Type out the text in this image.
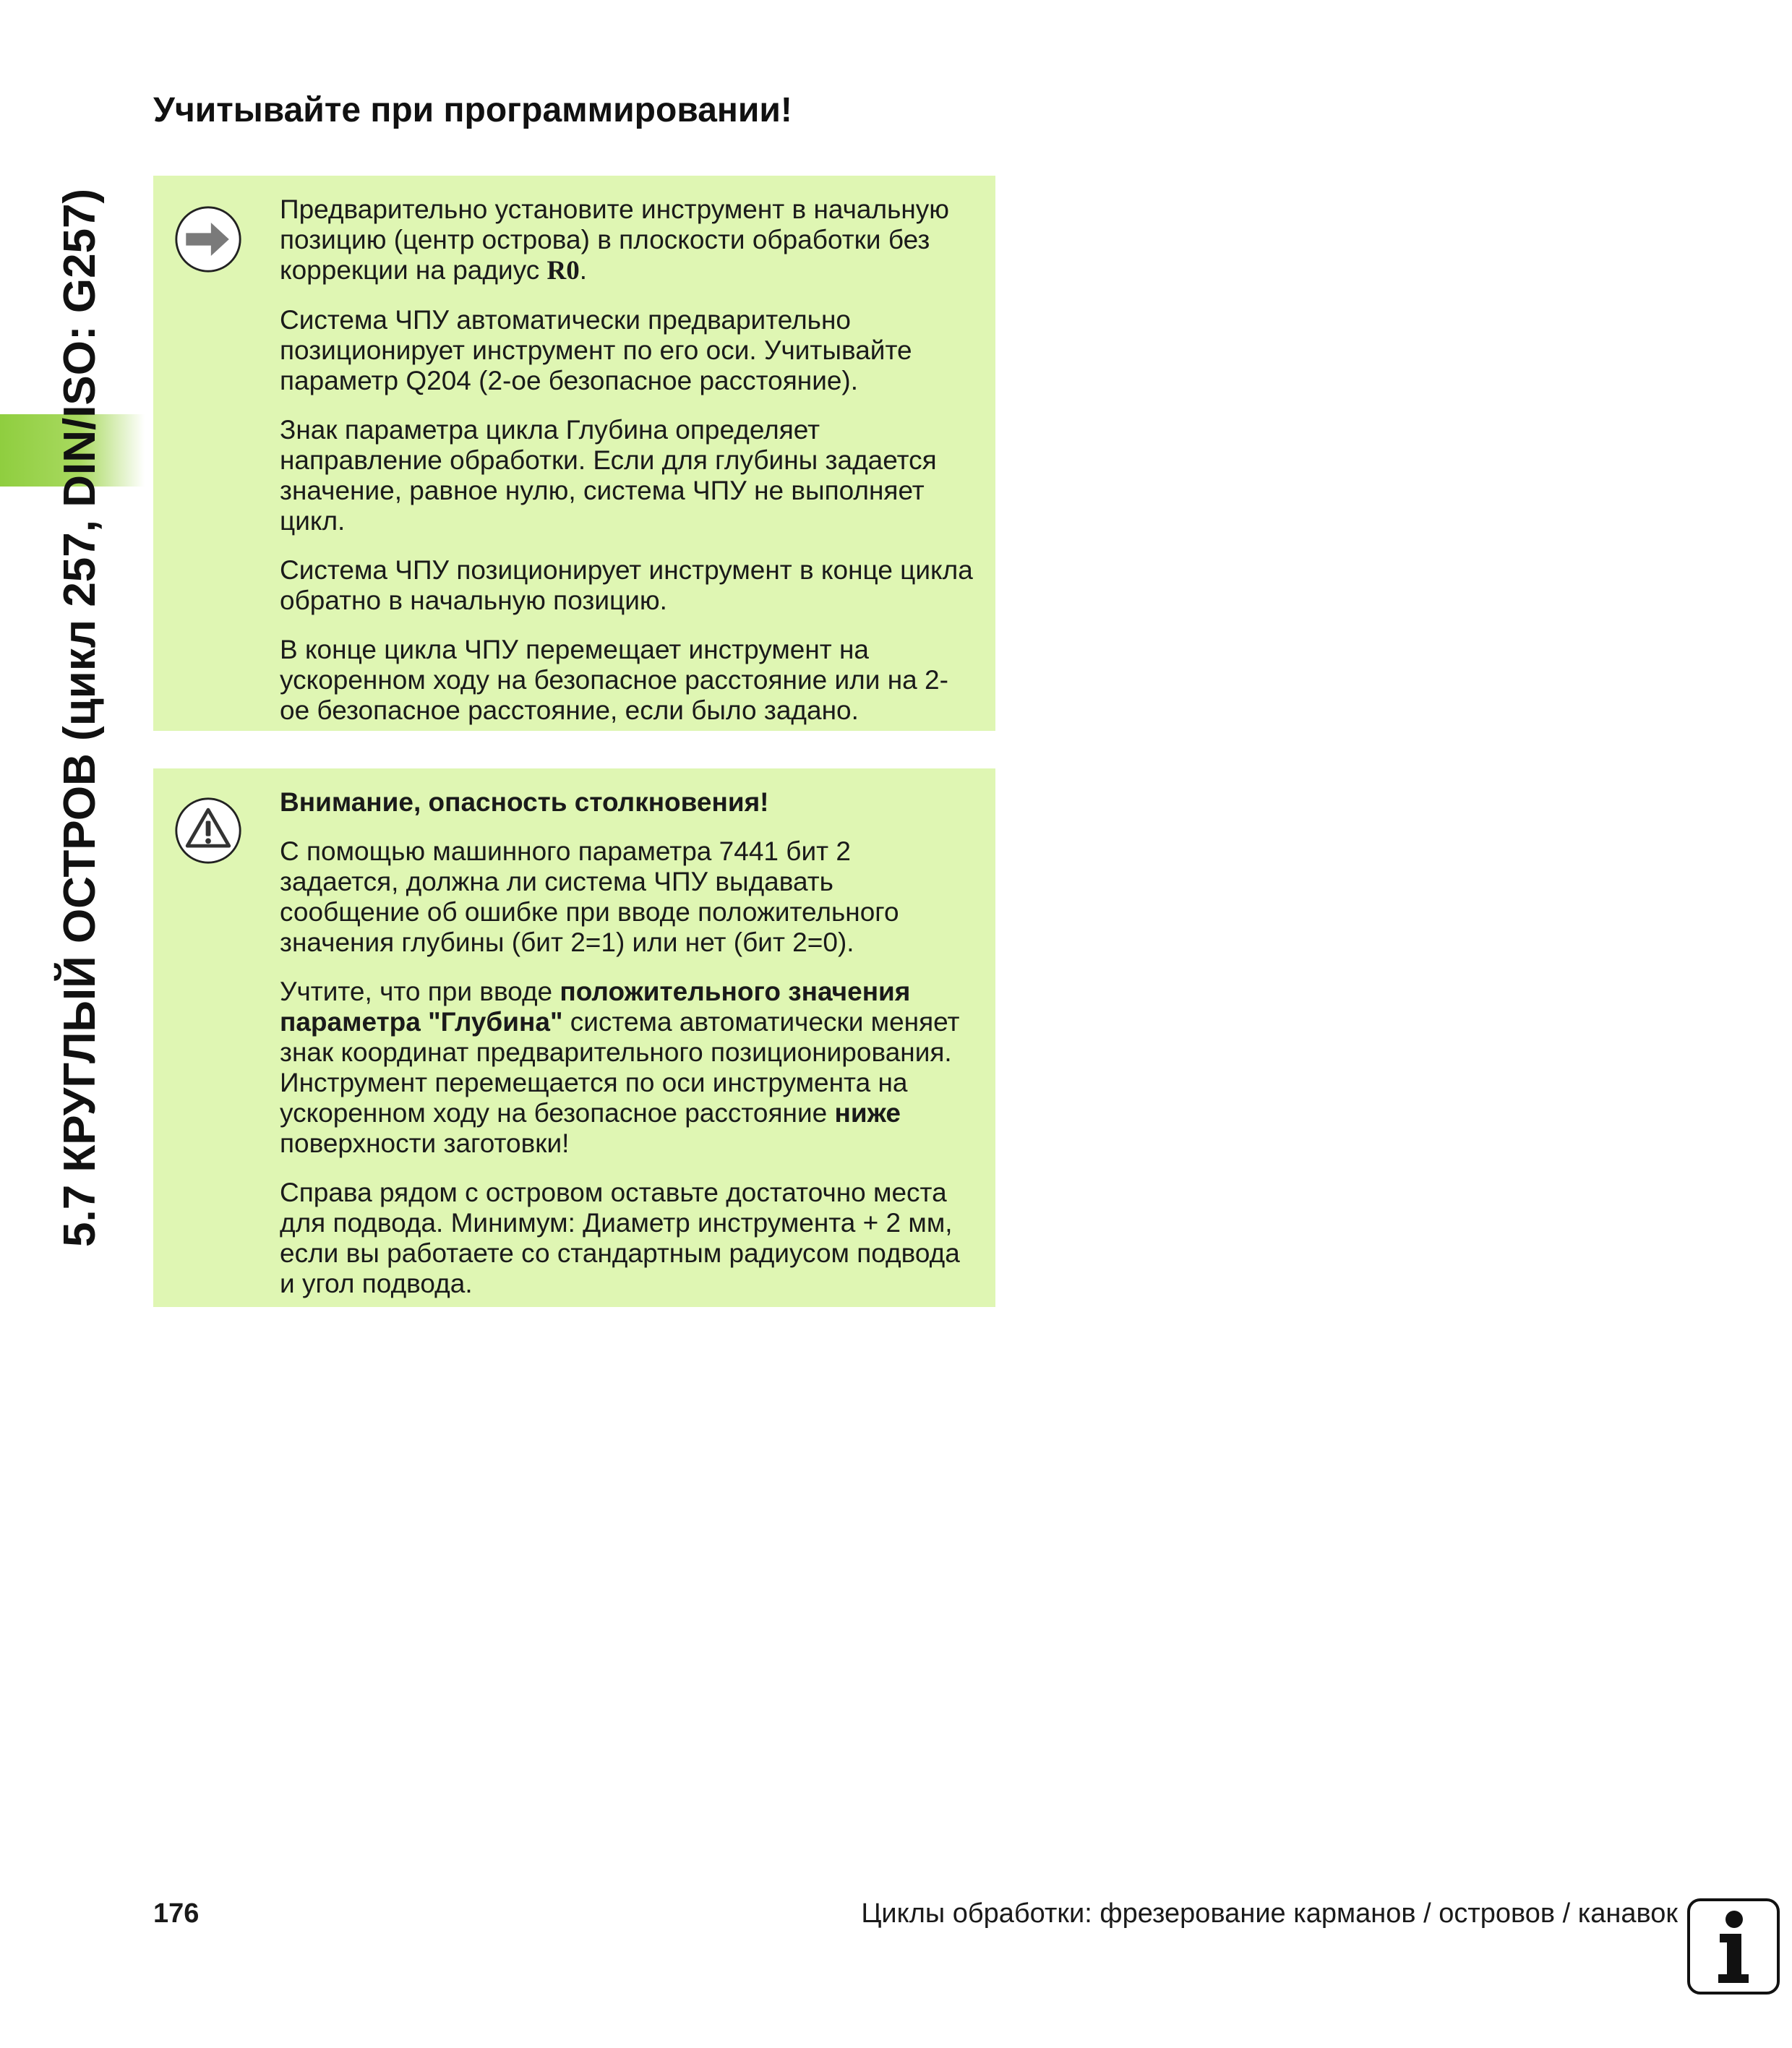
5.7 КРУГЛЫЙ ОСТРОВ (цикл 257, DIN/ISO: G257)
Учитывайте при программировании!

Предварительно установите инструмент в начальную позицию (центр острова) в плоскости обработки без коррекции на радиус R0.

Система ЧПУ автоматически предварительно позиционирует инструмент по его оси. Учитывайте параметр Q204 (2-ое безопасное расстояние).

Знак параметра цикла Глубина определяет направление обработки. Если для глубины задается значение, равное нулю, система ЧПУ не выполняет цикл.

Система ЧПУ позиционирует инструмент в конце цикла обратно в начальную позицию.

В конце цикла ЧПУ перемещает инструмент на ускоренном ходу на безопасное расстояние или на 2-ое безопасное расстояние, если было задано.

Внимание, опасность столкновения!

С помощью машинного параметра 7441 бит 2 задается, должна ли система ЧПУ выдавать сообщение об ошибке при вводе положительного значения глубины (бит 2=1) или нет (бит 2=0).

Учтите, что при вводе положительного значения параметра "Глубина" система автоматически меняет знак координат предварительного позиционирования. Инструмент перемещается по оси инструмента на ускоренном ходу на безопасное расстояние ниже поверхности заготовки!

Справа рядом с островом оставьте достаточно места для подвода. Минимум: Диаметр инструмента + 2 мм, если вы работаете со стандартным радиусом подвода и угол подвода.

176	Циклы обработки: фрезерование карманов / островов / канавок
